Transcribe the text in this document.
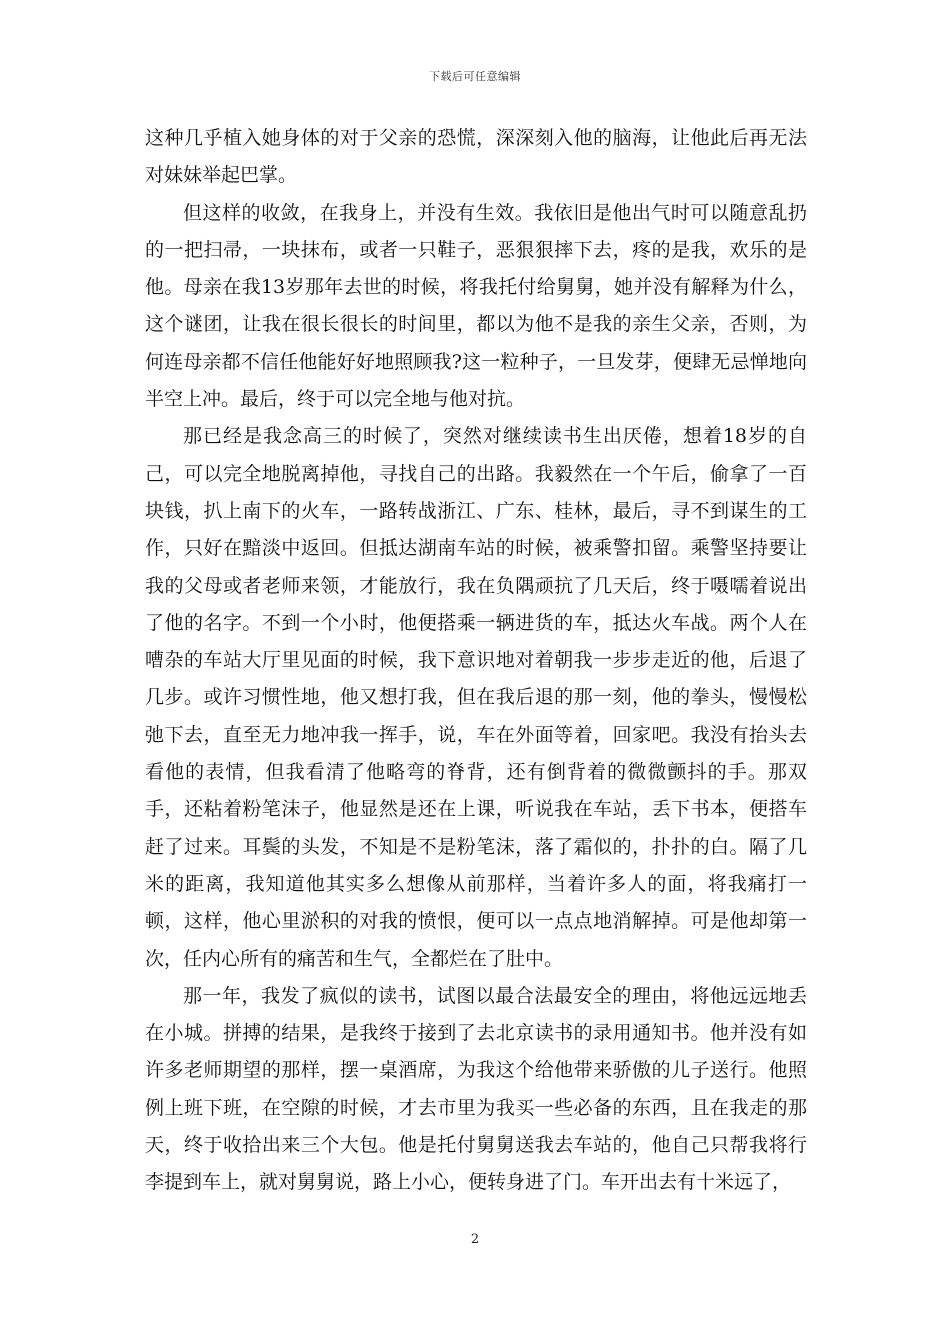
下载后可任意编辑

这种几乎植入她身体的对于父亲的恐慌，深深刻入他的脑海，让他此后再无法对妹妹举起巴掌。

但这样的收敛，在我身上，并没有生效。我依旧是他出气时可以随意乱扔的一把扫帚，一块抹布，或者一只鞋子，恶狠狠摔下去，疼的是我，欢乐的是他。母亲在我13岁那年去世的时候，将我托付给舅舅，她并没有解释为什么，这个谜团，让我在很长很长的时间里，都以为他不是我的亲生父亲，否则，为何连母亲都不信任他能好好地照顾我?这一粒种子，一旦发芽，便肆无忌惮地向半空上冲。最后，终于可以完全地与他对抗。

那已经是我念高三的时候了，突然对继续读书生出厌倦，想着18岁的自己，可以完全地脱离掉他，寻找自己的出路。我毅然在一个午后，偷拿了一百块钱，扒上南下的火车，一路转战浙江、广东、桂林，最后，寻不到谋生的工作，只好在黯淡中返回。但抵达湖南车站的时候，被乘警扣留。乘警坚持要让我的父母或者老师来领，才能放行，我在负隅顽抗了几天后，终于嗫嚅着说出了他的名字。不到一个小时，他便搭乘一辆进货的车，抵达火车战。两个人在嘈杂的车站大厅里见面的时候，我下意识地对着朝我一步步走近的他，后退了几步。或许习惯性地，他又想打我，但在我后退的那一刻，他的拳头，慢慢松弛下去，直至无力地冲我一挥手，说，车在外面等着，回家吧。我没有抬头去看他的表情，但我看清了他略弯的脊背，还有倒背着的微微颤抖的手。那双手，还粘着粉笔沫子，他显然是还在上课，听说我在车站，丢下书本，便搭车赶了过来。耳鬓的头发，不知是不是粉笔沫，落了霜似的，扑扑的白。隔了几米的距离，我知道他其实多么想像从前那样，当着许多人的面，将我痛打一顿，这样，他心里淤积的对我的愤恨，便可以一点点地消解掉。可是他却第一次，任内心所有的痛苦和生气，全都烂在了肚中。

那一年，我发了疯似的读书，试图以最合法最安全的理由，将他远远地丢在小城。拼搏的结果，是我终于接到了去北京读书的录用通知书。他并没有如许多老师期望的那样，摆一桌酒席，为我这个给他带来骄傲的儿子送行。他照例上班下班，在空隙的时候，才去市里为我买一些必备的东西，且在我走的那天，终于收拾出来三个大包。他是托付舅舅送我去车站的，他自己只帮我将行李提到车上，就对舅舅说，路上小心，便转身进了门。车开出去有十米远了，

2
